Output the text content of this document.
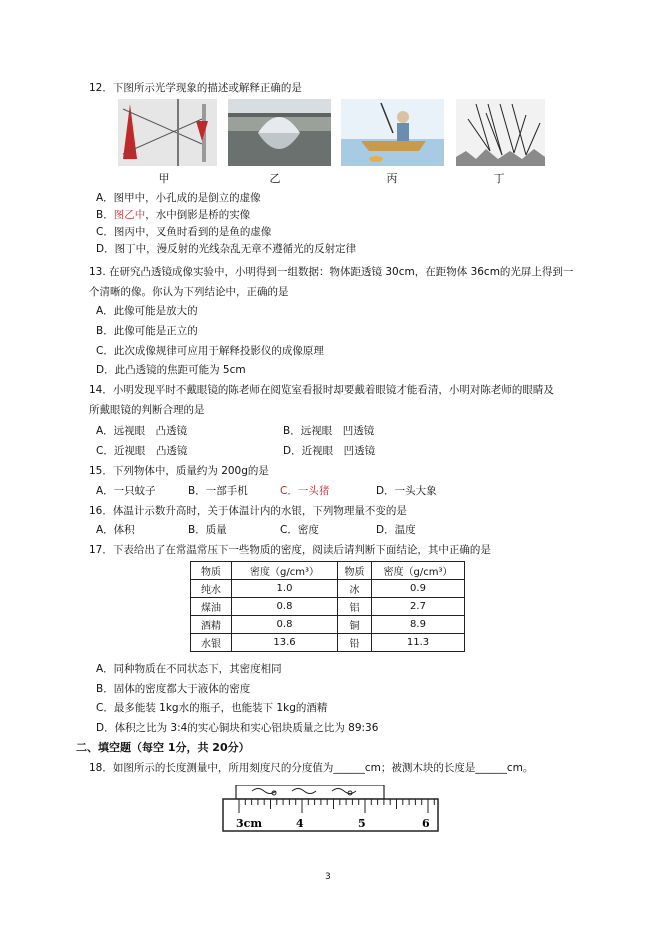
12．下图所示光学现象的描述或解释正确的是
甲	乙	丙	丁
A．图甲中，小孔成的是倒立的虚像
B．图乙中，水中倒影是桥的实像
C．图丙中，叉鱼时看到的是鱼的虚像
D．图丁中，漫反射的光线杂乱无章不遵循光的反射定律
13. 在研究凸透镜成像实验中，小明得到一组数据：物体距透镜 30cm，在距物体 36cm的光屏上得到一
个清晰的像。你认为下列结论中，正确的是
A．此像可能是放大的
B．此像可能是正立的
C．此次成像规律可应用于解释投影仪的成像原理
D．此凸透镜的焦距可能为 5cm
14．小明发现平时不戴眼镜的陈老师在阅览室看报时却要戴着眼镜才能看清，小明对陈老师的眼睛及
所戴眼镜的判断合理的是
A．远视眼　凸透镜	B．远视眼　凹透镜
C．近视眼　凸透镜	D．近视眼　凹透镜
15．下列物体中，质量约为 200g的是
A．一只蚊子	B．一部手机	C．一头猪	D．一头大象
16．体温计示数升高时，关于体温计内的水银，下列物理量不变的是
A．体积	B．质量	C．密度	D．温度
17．下表给出了在常温常压下一些物质的密度，阅读后请判断下面结论，其中正确的是
物质	密度（g/cm³）	物质	密度（g/cm³）
纯水	1.0	冰	0.9
煤油	0.8	铝	2.7
酒精	0.8	铜	8.9
水银	13.6	铅	11.3
A．同种物质在不同状态下，其密度相同
B．固体的密度都大于液体的密度
C．最多能装 1kg水的瓶子，也能装下 1kg的酒精
D．体积之比为 3:4的实心铜块和实心铝块质量之比为 89:36
二、填空题（每空 1分，共 20分）
18．如图所示的长度测量中，所用刻度尺的分度值为______cm；被测木块的长度是______cm。
3cm	4	5	6
3
